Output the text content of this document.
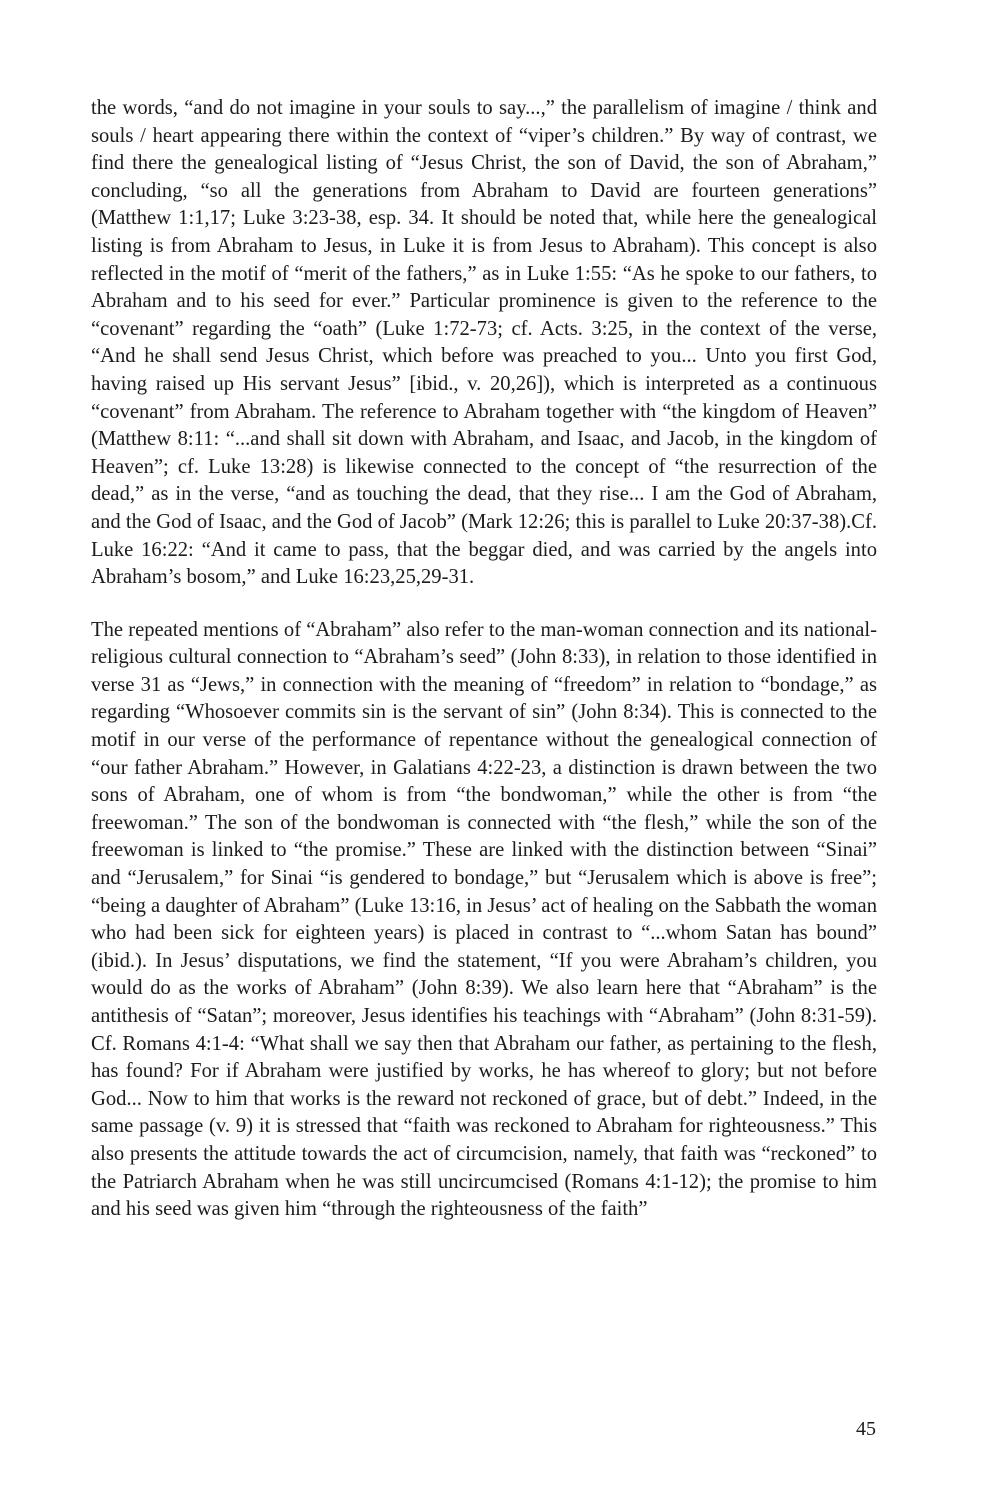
the words, “and do not imagine in your souls to say...,” the parallelism of imagine / think and souls / heart appearing there within the context of “viper’s children.” By way of contrast, we find there the genealogical listing of “Jesus Christ, the son of David, the son of Abraham,” concluding, “so all the generations from Abraham to David are fourteen generations” (Matthew 1:1,17; Luke 3:23-38, esp. 34. It should be noted that, while here the genealogical listing is from Abraham to Jesus, in Luke it is from Jesus to Abraham). This concept is also reflected in the motif of “merit of the fathers,” as in Luke 1:55: “As he spoke to our fathers, to Abraham and to his seed for ever.” Particular prominence is given to the reference to the “covenant” regarding the “oath” (Luke 1:72-73; cf. Acts. 3:25, in the context of the verse, “And he shall send Jesus Christ, which before was preached to you... Unto you first God, having raised up His servant Jesus” [ibid., v. 20,26]), which is interpreted as a continuous “covenant” from Abraham. The reference to Abraham together with “the kingdom of Heaven” (Matthew 8:11: “...and shall sit down with Abraham, and Isaac, and Jacob, in the kingdom of Heaven”; cf. Luke 13:28) is likewise connected to the concept of “the resurrection of the dead,” as in the verse, “and as touching the dead, that they rise... I am the God of Abraham, and the God of Isaac, and the God of Jacob” (Mark 12:26; this is parallel to Luke 20:37-38).Cf. Luke 16:22: “And it came to pass, that the beggar died, and was carried by the angels into Abraham’s bosom,” and Luke 16:23,25,29-31.

The repeated mentions of “Abraham” also refer to the man-woman connection and its national-religious cultural connection to “Abraham’s seed” (John 8:33), in relation to those identified in verse 31 as “Jews,” in connection with the meaning of “freedom” in relation to “bondage,” as regarding “Whosoever commits sin is the servant of sin” (John 8:34). This is connected to the motif in our verse of the performance of repentance without the genealogical connection of “our father Abraham.” However, in Galatians 4:22-23, a distinction is drawn between the two sons of Abraham, one of whom is from “the bondwoman,” while the other is from “the freewoman.” The son of the bondwoman is connected with “the flesh,” while the son of the freewoman is linked to “the promise.” These are linked with the distinction between “Sinai” and “Jerusalem,” for Sinai “is gendered to bondage,” but “Jerusalem which is above is free”; “being a daughter of Abraham” (Luke 13:16, in Jesus’ act of healing on the Sabbath the woman who had been sick for eighteen years) is placed in contrast to “...whom Satan has bound” (ibid.). In Jesus’ disputations, we find the statement, “If you were Abraham’s children, you would do as the works of Abraham” (John 8:39). We also learn here that “Abraham” is the antithesis of “Satan”; moreover, Jesus identifies his teachings with “Abraham” (John 8:31-59). Cf. Romans 4:1-4: “What shall we say then that Abraham our father, as pertaining to the flesh, has found? For if Abraham were justified by works, he has whereof to glory; but not before God... Now to him that works is the reward not reckoned of grace, but of debt.” Indeed, in the same passage (v. 9) it is stressed that “faith was reckoned to Abraham for righteousness.” This also presents the attitude towards the act of circumcision, namely, that faith was “reckoned” to the Patriarch Abraham when he was still uncircumcised (Romans 4:1-12); the promise to him and his seed was given him “through the righteousness of the faith”

45
